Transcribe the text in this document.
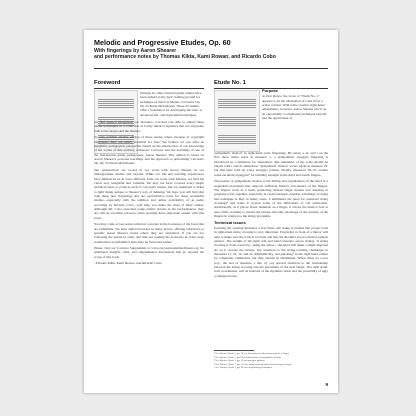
Melodic and Progressive Etudes, Op. 60
With fingerings by Aaron Shearer
and performance notes by Thomas Kikta, Kami Rowan, and Ricardo Cobo
Foreword	Etude No. 1

Perhaps no other classical guitar etudes have been upheld as the 'best' training ground for technique as much as Matteo Carcassi's Op. 60, 25 Etude Melodiques. These 25 studies offer a foundation for developing the basic to advanced left- and right-hand techniques

we find applied throughout our literature. Carcassi was able to embed these useful techniques in a collection of lovely musical vignettes that are enjoyable both to the player and the listener.

So why publish another edition of these etudes when, because of copyright expiration, they are easily available for free? We believe we can offer an insightful pedagogical perspective based on the intersection of our knowledge of the works of this exciting composer, Carcassi, and the teachings of one of the best-known guitar pedagogues, Aaron Shearer. This edition is based on Aaron Shearer's personal teachings and his approach to performing Carcassi's Op. 60, 25 Etude Melodiques.

Our perspectives are rooted in our work with Aaron Shearer as our undergraduate studies and beyond. While our life and teaching experiences have influenced us in ways different from our work with Shearer, we find his views very insightful and valuable. We may not have covered every single technical issue or point in each of Carcassi's etudes, but we attempted to bring to light things unique to Shearer's way of thinking. We hope you will find that both these new fingerings and our performance notes for these wonderful studies—especially with the addition and online availability of an audio recording by Ricardo Cobo—will help you make the most of these etudes. Although Mr. Cobo exercised some artistic license in his performances, they are still an excellent resource when learning these important etudes with this book.

You may come across some technical concepts in the footnotes of the book that are unfamiliar. We have added footnotes in many places, offering references to specific Aaron Shearer books where they are explained. If you are not following the points in order, and then are reading the footnotes in order, keep in mind that an unfamiliar term may be footnoted earlier.

Please visit our Carcassi Supplement at www.carcassiacademyofmusic.org for additional insights, edits, and supplemental discussions that go beyond the scope of this book.

–Thomas Kikta, Kami Rowan, and Ricardo Cobo

Purpose
At first glance, the focus of "Etude No. 1" appears to be the alternation of i and m¹ in a scalar context. With some creative right-hand adjustments, however, Aaron Shearer saw it as an opportunity to emphasize technique beyond just the application of

sympathetic motion² in right-hand scale fingerings. By using a, m, and i on the first three treble notes in measure 1, a sympathetic arpeggio fingering is introduced as a substitute for alternation. The remainder of the scale should be played with i and m alternation. Sympathetic motion occurs again in measure 23, but this time with an i-m-a arpeggio pattern. Finally, measures 29–35 contain some excellent arpeggios³ for building strength in the third and fourth fingers.

The beauty of sympathetic motion is the timing and organization of the hand in a sequential movement that supports sufficient fluency and nuance of the fingers. The fingers work as a team, promoting relaxed finger motion and assisting in grouping notes together, especially in rapid passages. Another advantage of using this technique is that, in many cases, it eliminates the need for awkward string crossings⁴ and tends to bypass some of the difficulties of i-m alternation. Additionally, as it places fewer demands on a finger, it allows the hand to feel at ease while working to extend the phrase and take advantage of the spacing of the fingers in relation to the string groupings.

Technical Issues

Isolating the opening measures a few times will make it evident that proper form in right-hand string crossing is very important. Practicing in front of a mirror will help to make sure the wrist is not bent and that the shoulder area is relaxed without tension. The weight of the right arm and hand transfers across strings. If string crossing is done correctly—using the elbow—the hand will make a slight diagonal arc as it crosses the strings. Pay attention to the string-crossing challenges in measures 11, 14, 19, and 22. Rhythmically, rest-plucking⁵ in the right hand cannot be completely eliminated, but they should be minimized. When these do occur (e.g., the end of measure 1 into 2), pay special attention to the relationship between the string crossing and the placement of the next finger. The right hand, well coordinated, will be relieved of the rhythmic stress and the possibility of ugly or unequal notes.

¹ See Shearer, Book 1, pp. 70; for discussion of alternation and the a finger.
² See Shearer, Book 2, pp. 94 for discussion of sympathetic motion.
³ See Shearer, Book 3, pp. 12 for arpeggio patterns.
⁴ See Shearer, Book 1, pp. 116 for string crossing and relaxed string crossing.
⁵ See Shearer, Book 2, pp. 28 for rest-plucking techniques.
9
